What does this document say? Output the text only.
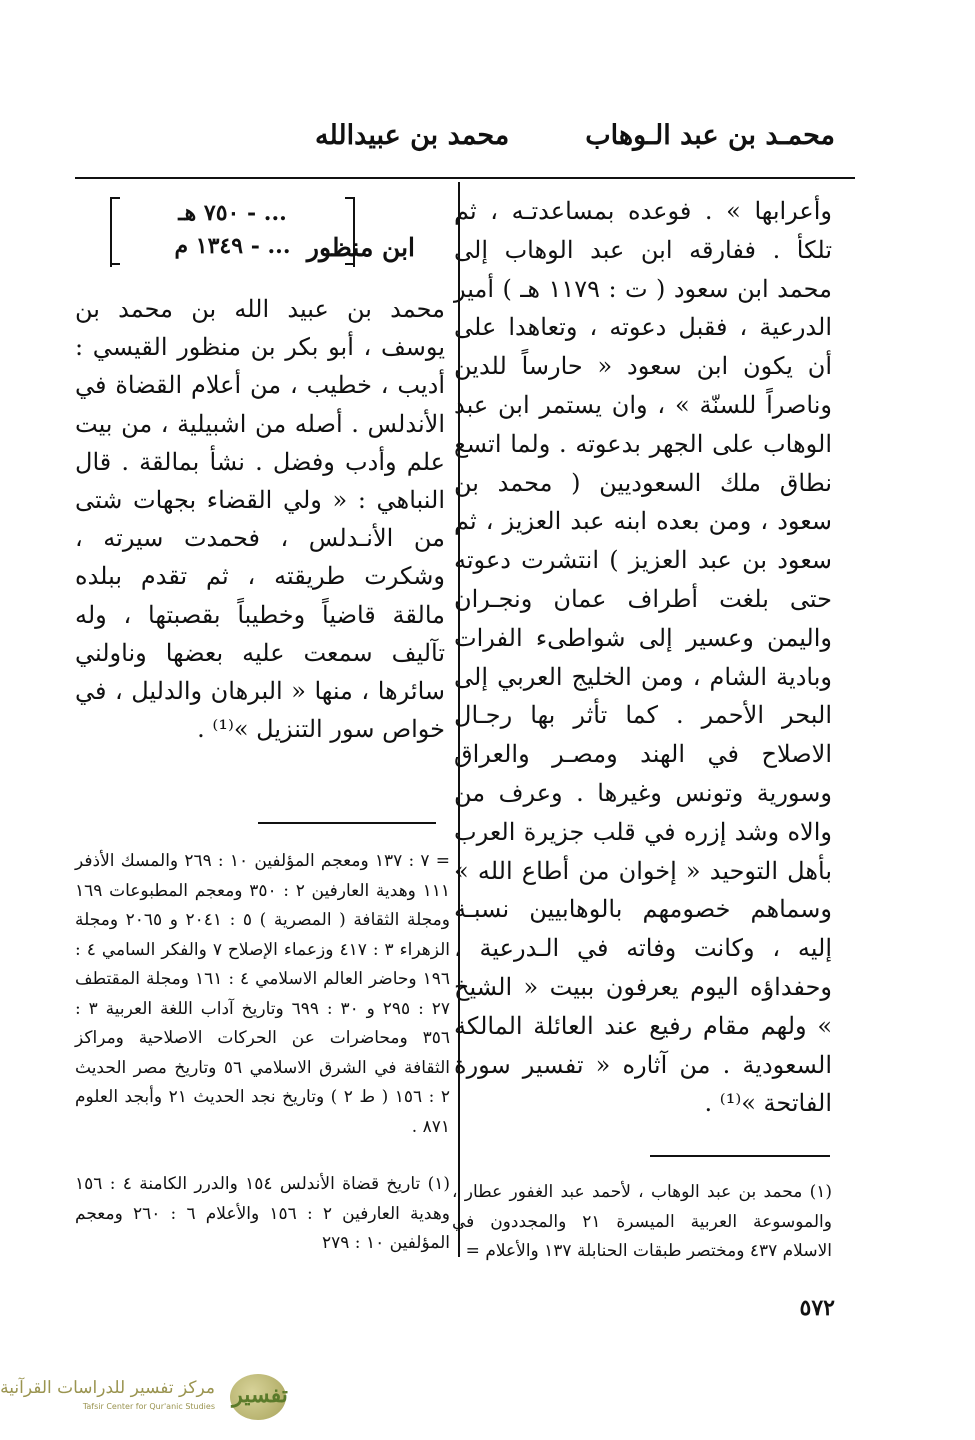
محمـد بن عبد الـوهاب
محمد بن عبيدالله

وأعرابها » . فوعده بمساعدتـه ، ثم تلكأ . ففارقه ابن عبد الوهاب إلى محمد ابن سعود ( ت : ١١٧٩ هـ ) أمير الدرعية ، فقبل دعوته ، وتعاهدا على أن يكون ابن سعود « حارساً للدين وناصراً للسنّة » ، وان يستمر ابن عبد الوهاب على الجهر بدعوته . ولما اتسع نطاق ملك السعوديين ( محمد بن سعود ، ومن بعده ابنه عبد العزيز ، ثم سعود بن عبد العزيز ) انتشرت دعوته حتى بلغت أطراف عمان ونجـران واليمن وعسير إلى شواطىء الفرات وبادية الشام ، ومن الخليج العربي إلى البحر الأحمر . كما تأثر بها رجـال الاصلاح في الهند ومصـر والعراق وسورية وتونس وغيرها . وعرف من والاه وشد إزره في قلب جزيرة العرب بأهل التوحيد « إخوان من أطاع الله » وسماهم خصومهم بالوهابيين نسبـة إليه ، وكانت وفاته في الـدرعية ، وحفداؤه اليوم يعرفون ببيت « الشيخ » ولهم مقام رفيع عند العائلة المالكة السعودية . من آثاره « تفسير سورة الفاتحة »⁽¹⁾ .

... - ٧٥٠ هـ
... - ١٣٤٩ م ابن منظور

محمد بن عبيد الله بن محمد بن يوسف ، أبو بكر بن منظور القيسي : أديب ، خطيب ، من أعلام القضاة في الأندلس . أصله من اشبيلية ، من بيت علم وأدب وفضل . نشأ بمالقة . قال النباهي : « ولي القضاء بجهات شتى من الأنـدلس ، فحمدت سيرته ، وشكرت طريقته ، ثم تقدم ببلده مالقة قاضياً وخطيباً بقصبتها ، وله تآليف سمعت عليه بعضها وناولني سائرها ، منها « البرهان والدليل ، في خواص سور التنزيل »⁽¹⁾ .

= ٧ : ١٣٧ ومعجم المؤلفين ١٠ : ٢٦٩ والمسك الأذفر ١١١ وهدية العارفين ٢ : ٣٥٠ ومعجم المطبوعات ١٦٩ ومجلة الثقافة ( المصرية ) ٥ : ٢٠٤١ و ٢٠٦٥ ومجلة الزهراء ٣ : ٤١٧ وزعماء الإصلاح ٧ والفكر السامي ٤ : ١٩٦ وحاضر العالم الاسلامي ٤ : ١٦١ ومجلة المقتطف ٢٧ : ٢٩٥ و ٣٠ : ٦٩٩ وتاريخ آداب اللغة العربية ٣ : ٣٥٦ ومحاضرات عن الحركات الاصلاحية ومراكز الثقافة في الشرق الاسلامي ٥٦ وتاريخ مصر الحديث ٢ : ١٥٦ ( ط ٢ ) وتاريخ نجد الحديث ٢١ وأبجد العلوم ٨٧١ .

(١) تاريخ قضاة الأندلس ١٥٤ والدرر الكامنة ٤ : ١٥٦ وهدية العارفين ٢ : ١٥٦ والأعلام ٦ : ٢٦٠ ومعجم المؤلفين ١٠ : ٢٧٩

(١) محمد بن عبد الوهاب ، لأحمد عبد الغفور عطار ، والموسوعة العربية الميسرة ٢١ والمجددون في الاسلام ٤٣٧ ومختصر طبقات الحنابلة ١٣٧ والأعلام =

٥٧٢
تفسير
مركز تفسير للدراسات القرآنية
Tafsir Center for Qur'anic Studies
